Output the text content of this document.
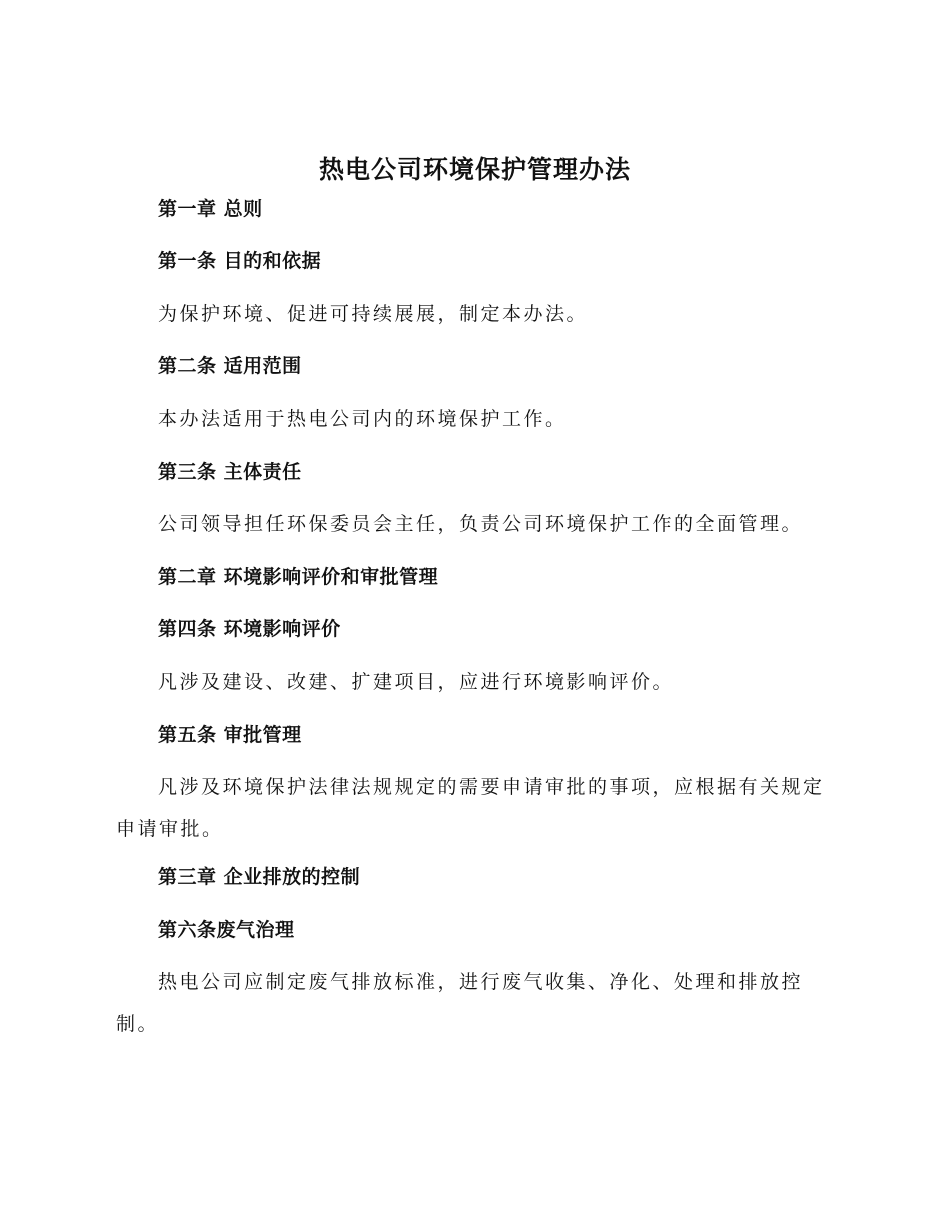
热电公司环境保护管理办法

第一章 总则

第一条 目的和依据

为保护环境、促进可持续展展，制定本办法。

第二条 适用范围

本办法适用于热电公司内的环境保护工作。

第三条 主体责任

公司领导担任环保委员会主任，负责公司环境保护工作的全面管理。

第二章 环境影响评价和审批管理

第四条 环境影响评价

凡涉及建设、改建、扩建项目，应进行环境影响评价。

第五条 审批管理

凡涉及环境保护法律法规规定的需要申请审批的事项，应根据有关规定申请审批。

第三章 企业排放的控制

第六条废气治理

热电公司应制定废气排放标准，进行废气收集、净化、处理和排放控制。
